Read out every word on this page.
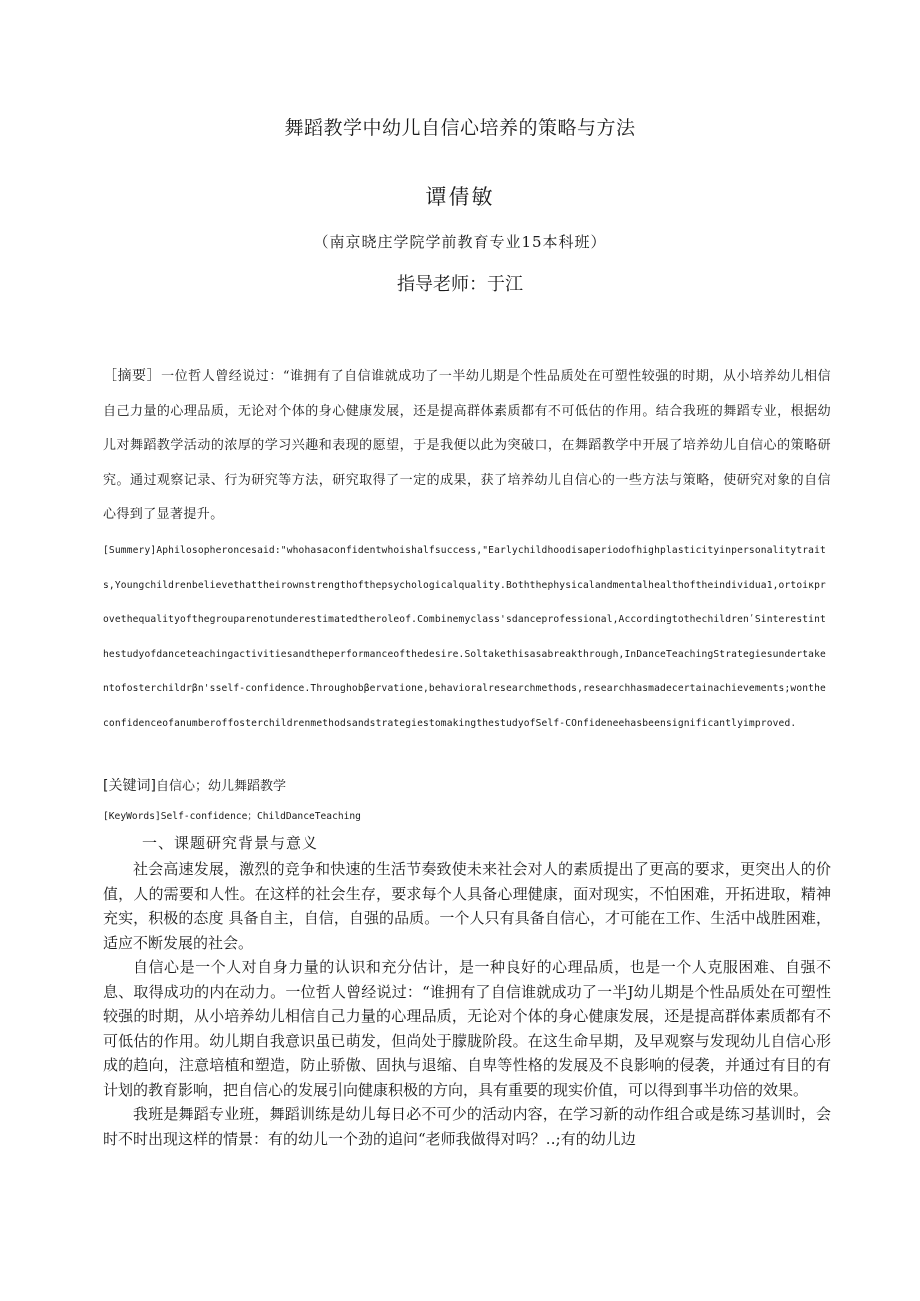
舞蹈教学中幼儿自信心培养的策略与方法
谭倩敏
（南京晓庄学院学前教育专业15本科班）
指导老师：于江
［摘要］一位哲人曾经说过：“谁拥有了自信谁就成功了一半幼儿期是个性品质处在可塑性较强的时期，从小培养幼儿相信自己力量的心理品质，无论对个体的身心健康发展，还是提高群体素质都有不可低估的作用。结合我班的舞蹈专业，根据幼儿对舞蹈教学活动的浓厚的学习兴趣和表现的愿望，于是我便以此为突破口，在舞蹈教学中开展了培养幼儿自信心的策略研究。通过观察记录、行为研究等方法，研究取得了一定的成果，获了培养幼儿自信心的一些方法与策略，使研究对象的自信心得到了显著提升。
[Summery]Aphilosopheroncesaid:"whohasaconfidentwhoishalfsuccess,"Earlychildhoodisaperiodofhighplasticityinpersonalitytraits,Youngchildrenbelievethattheirownstrengthofthepsychologicalquality.Boththephysicalandmentalhealthoftheindividua1,ortoiκprovethequalityofthegrouparenotunderestimatedtheroleof.Combinemyclass'sdanceprofessional,AccordingtothechildrenʹSinterestinthestudyofdanceteachingactivitiesandtheperformanceofthedesire.Soltakethisasabreakthrough,InDanceTeachingStrategiesundertakentofosterchildrβn'sself-confidence.Throughobβervatione,behavioralresearchmethods,researchhasmadecertainachievements;wontheconfidenceofanumberoffosterchildrenmethodsandstrategiestomakingthestudyofSelf-COnfideneehasbeensignificantlyimproved.
[关键词]自信心；幼儿舞蹈教学
[KeyWords]Self-confidence；ChildDanceTeaching
一、课题研究背景与意义

社会高速发展，激烈的竞争和快速的生活节奏致使未来社会对人的素质提出了更高的要求，更突出人的价值，人的需要和人性。在这样的社会生存，要求每个人具备心理健康，面对现实，不怕困难，开拓进取，精神充实，积极的态度 具备自主，自信，自强的品质。一个人只有具备自信心，才可能在工作、生活中战胜困难，适应不断发展的社会。

自信心是一个人对自身力量的认识和充分估计，是一种良好的心理品质，也是一个人克服困难、自强不息、取得成功的内在动力。一位哲人曾经说过：“谁拥有了自信谁就成功了一半J幼儿期是个性品质处在可塑性较强的时期，从小培养幼儿相信自己力量的心理品质，无论对个体的身心健康发展，还是提高群体素质都有不可低估的作用。幼儿期自我意识虽已萌发，但尚处于朦胧阶段。在这生命早期，及早观察与发现幼儿自信心形成的趋向，注意培植和塑造，防止骄傲、固执与退缩、自卑等性格的发展及不良影响的侵袭，并通过有目的有计划的教育影响，把自信心的发展引向健康积极的方向，具有重要的现实价值，可以得到事半功倍的效果。

我班是舞蹈专业班，舞蹈训练是幼儿每日必不可少的活动内容，在学习新的动作组合或是练习基训时，会时不时出现这样的情景：有的幼儿一个劲的追问“老师我做得对吗？‥;有的幼儿边
